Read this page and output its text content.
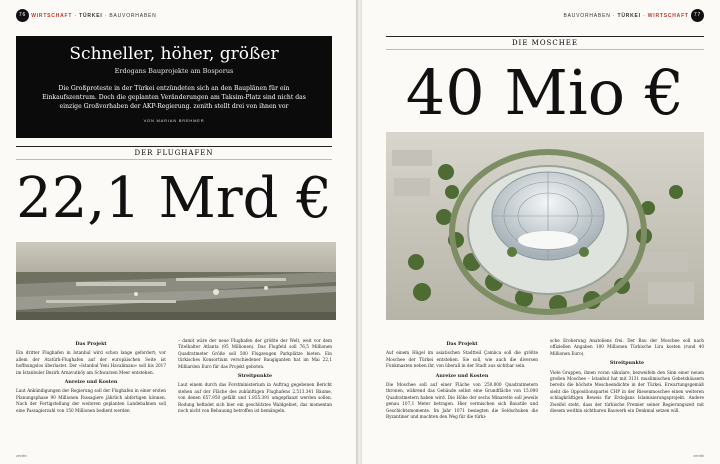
76 WIRTSCHAFT · TÜRKEI · BAUVORHABEN
Schneller, höher, größer
Erdogans Bauprojekte am Bosporus
Die Großproteste in der Türkei entzündeten sich an den Bauplänen für ein Einkaufszentrum. Doch die geplanten Veränderungen am Taksim-Platz sind nicht das einzige Großvorhaben der AKP-Regierung. zenith stellt drei von ihnen vor
VON MARIAN BREHMER
DER FLUGHAFEN
22,1 Mrd €
Das Projekt

Ein dritter Flughafen in Istanbul wird schon lange gefordert; vor allem der Atatürk-Flughafen auf der europäischen Seite ist hoffnungslos überlastet. Der »Istanbul Yeni Havalimanı« soll bis 2017 im Istanbuler Bezirk Arnavutköy am Schwarzen Meer entstehen.

Anreize und Kosten

Laut Ankündigungen der Regierung soll der Flughafen in einer ersten Planungsphase 90 Millionen Passagiere jährlich abfertigen können. Nach der Fertigstellung der weiteren geplanten Landebahnen soll eine Passagierzahl von 150 Millionen bedient werden

– damit wäre der neue Flughafen der größte der Welt, weit vor dem Titelhalter Atlanta (95 Millionen). Das Flugfeld soll 76,5 Millionen Quadratmeter Größe soll 500 Flugzeugen Parkplätze bieten. Ein türkisches Konsortium verschiedener Baugiganten hat im Mai 22,1 Milliarden Euro für das Projekt geboten.

Streitpunkte

Laut einem durch das Forstministerium in Auftrag gegebenen Bericht stehen auf der Fläche des zukünftigen Flughafens 2.513.341 Bäume, von denen 657.950 gefällt und 1.855.391 umgepflanzt werden sollen. Rodung befindet sich hier ein geschütztes Waldgebiet, das momentan noch nicht von Bebauung betroffen ist bemängeln.

zenith
BAUVORHABEN · TÜRKEI · WIRTSCHAFT 77
DIE MOSCHEE
40 Mio €
Das Projekt

Auf einem Hügel im asiatischen Stadtteil Çamlıca soll die größte Moschee der Türkei entstehen. Sie soll, wie auch die diversen Funkmasten neben ihr, von überall in der Stadt aus sichtbar sein.

Anreize und Kosten

Die Moschee soll auf einer Fläche von 250.000 Quadratmetern thronen, während das Gebäude selbst eine Grundfläche von 15.000 Quadratmetern haben wird. Die Höhe der sechs Minarette soll jeweils genau 107,1 Meter betragen. Hier vermischen sich Baustile und Geschichtsmomente. Im Jahr 1071 besiegten die Seldschuken die Byzantiner und machten den Weg für die türki-

sche Eroberung Anatoliens frei. Der Bau der Moschee soll nach offiziellen Angaben 100 Millionen Türkische Lira kosten (rund 40 Millionen Euro).

Streitpunkte

Viele Gruppen, ihnen voran säkulare, bezweifeln den Sinn einer neuen großen Moschee – Istanbul hat mit 3131 muslimischen Gebetshäusern bereits die höchste Moscheendichte in der Türkei. Erwartungsgemäß sieht die Oppositionspartei CHP in der Riesenmoschee einen weiteren schlagkräftigen Beweis für Erdoğans Islamisierungsprojekt. Andere Zweifel steht, dass der türkische Premier seiner Regierungszeit mit diesem weithin sichtbaren Bauwerk ein Denkmal setzen will.

zenith
